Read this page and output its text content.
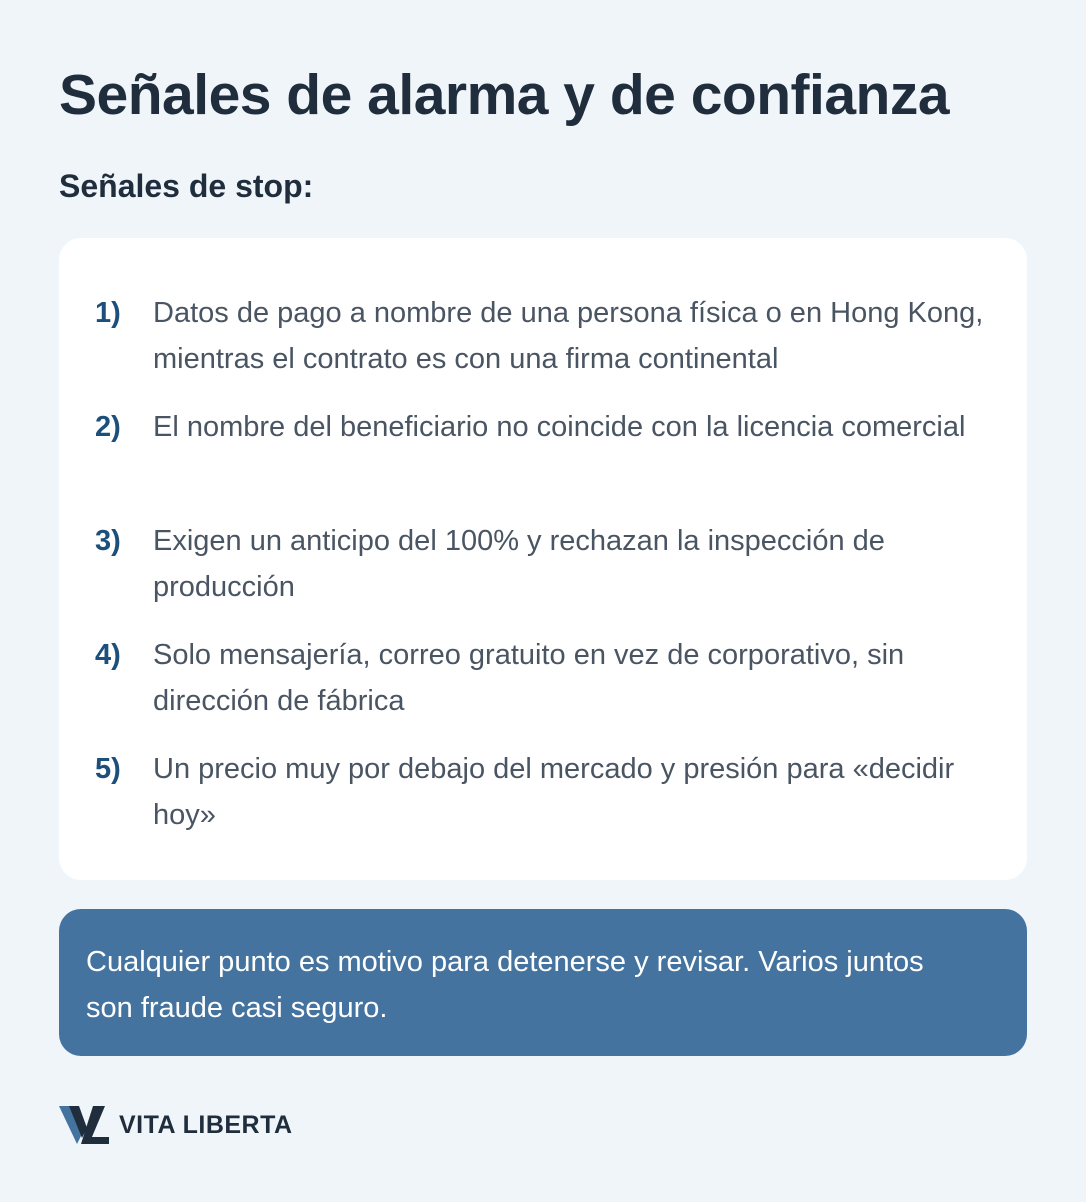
Señales de alarma y de confianza
Señales de stop:
1)	Datos de pago a nombre de una persona física o en Hong Kong, mientras el contrato es con una firma continental
2)	El nombre del beneficiario no coincide con la licencia comercial
3)	Exigen un anticipo del 100% y rechazan la inspección de producción
4)	Solo mensajería, correo gratuito en vez de corporativo, sin dirección de fábrica
5)	Un precio muy por debajo del mercado y presión para «decidir hoy»
Cualquier punto es motivo para detenerse y revisar. Varios juntos son fraude casi seguro.
VITA LIBERTA
